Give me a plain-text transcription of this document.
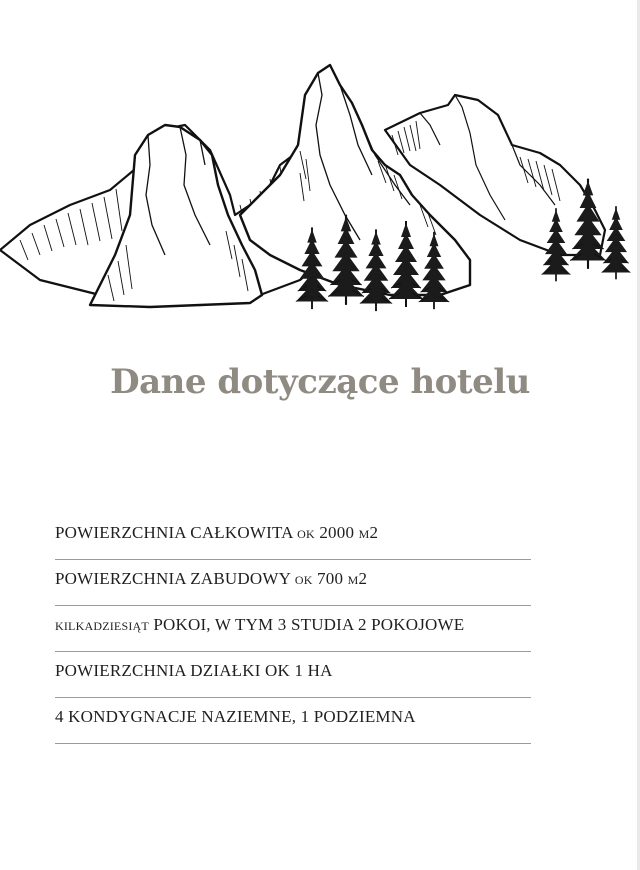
Dane dotyczące hotelu
POWIERZCHNIA CAŁKOWITA ok 2000 m2
POWIERZCHNIA ZABUDOWY ok 700 m2
kilkadziesiąt POKOI, W TYM 3 STUDIA 2 POKOJOWE
POWIERZCHNIA DZIAŁKI OK 1 HA
4 KONDYGNACJE NAZIEMNE, 1 PODZIEMNA
